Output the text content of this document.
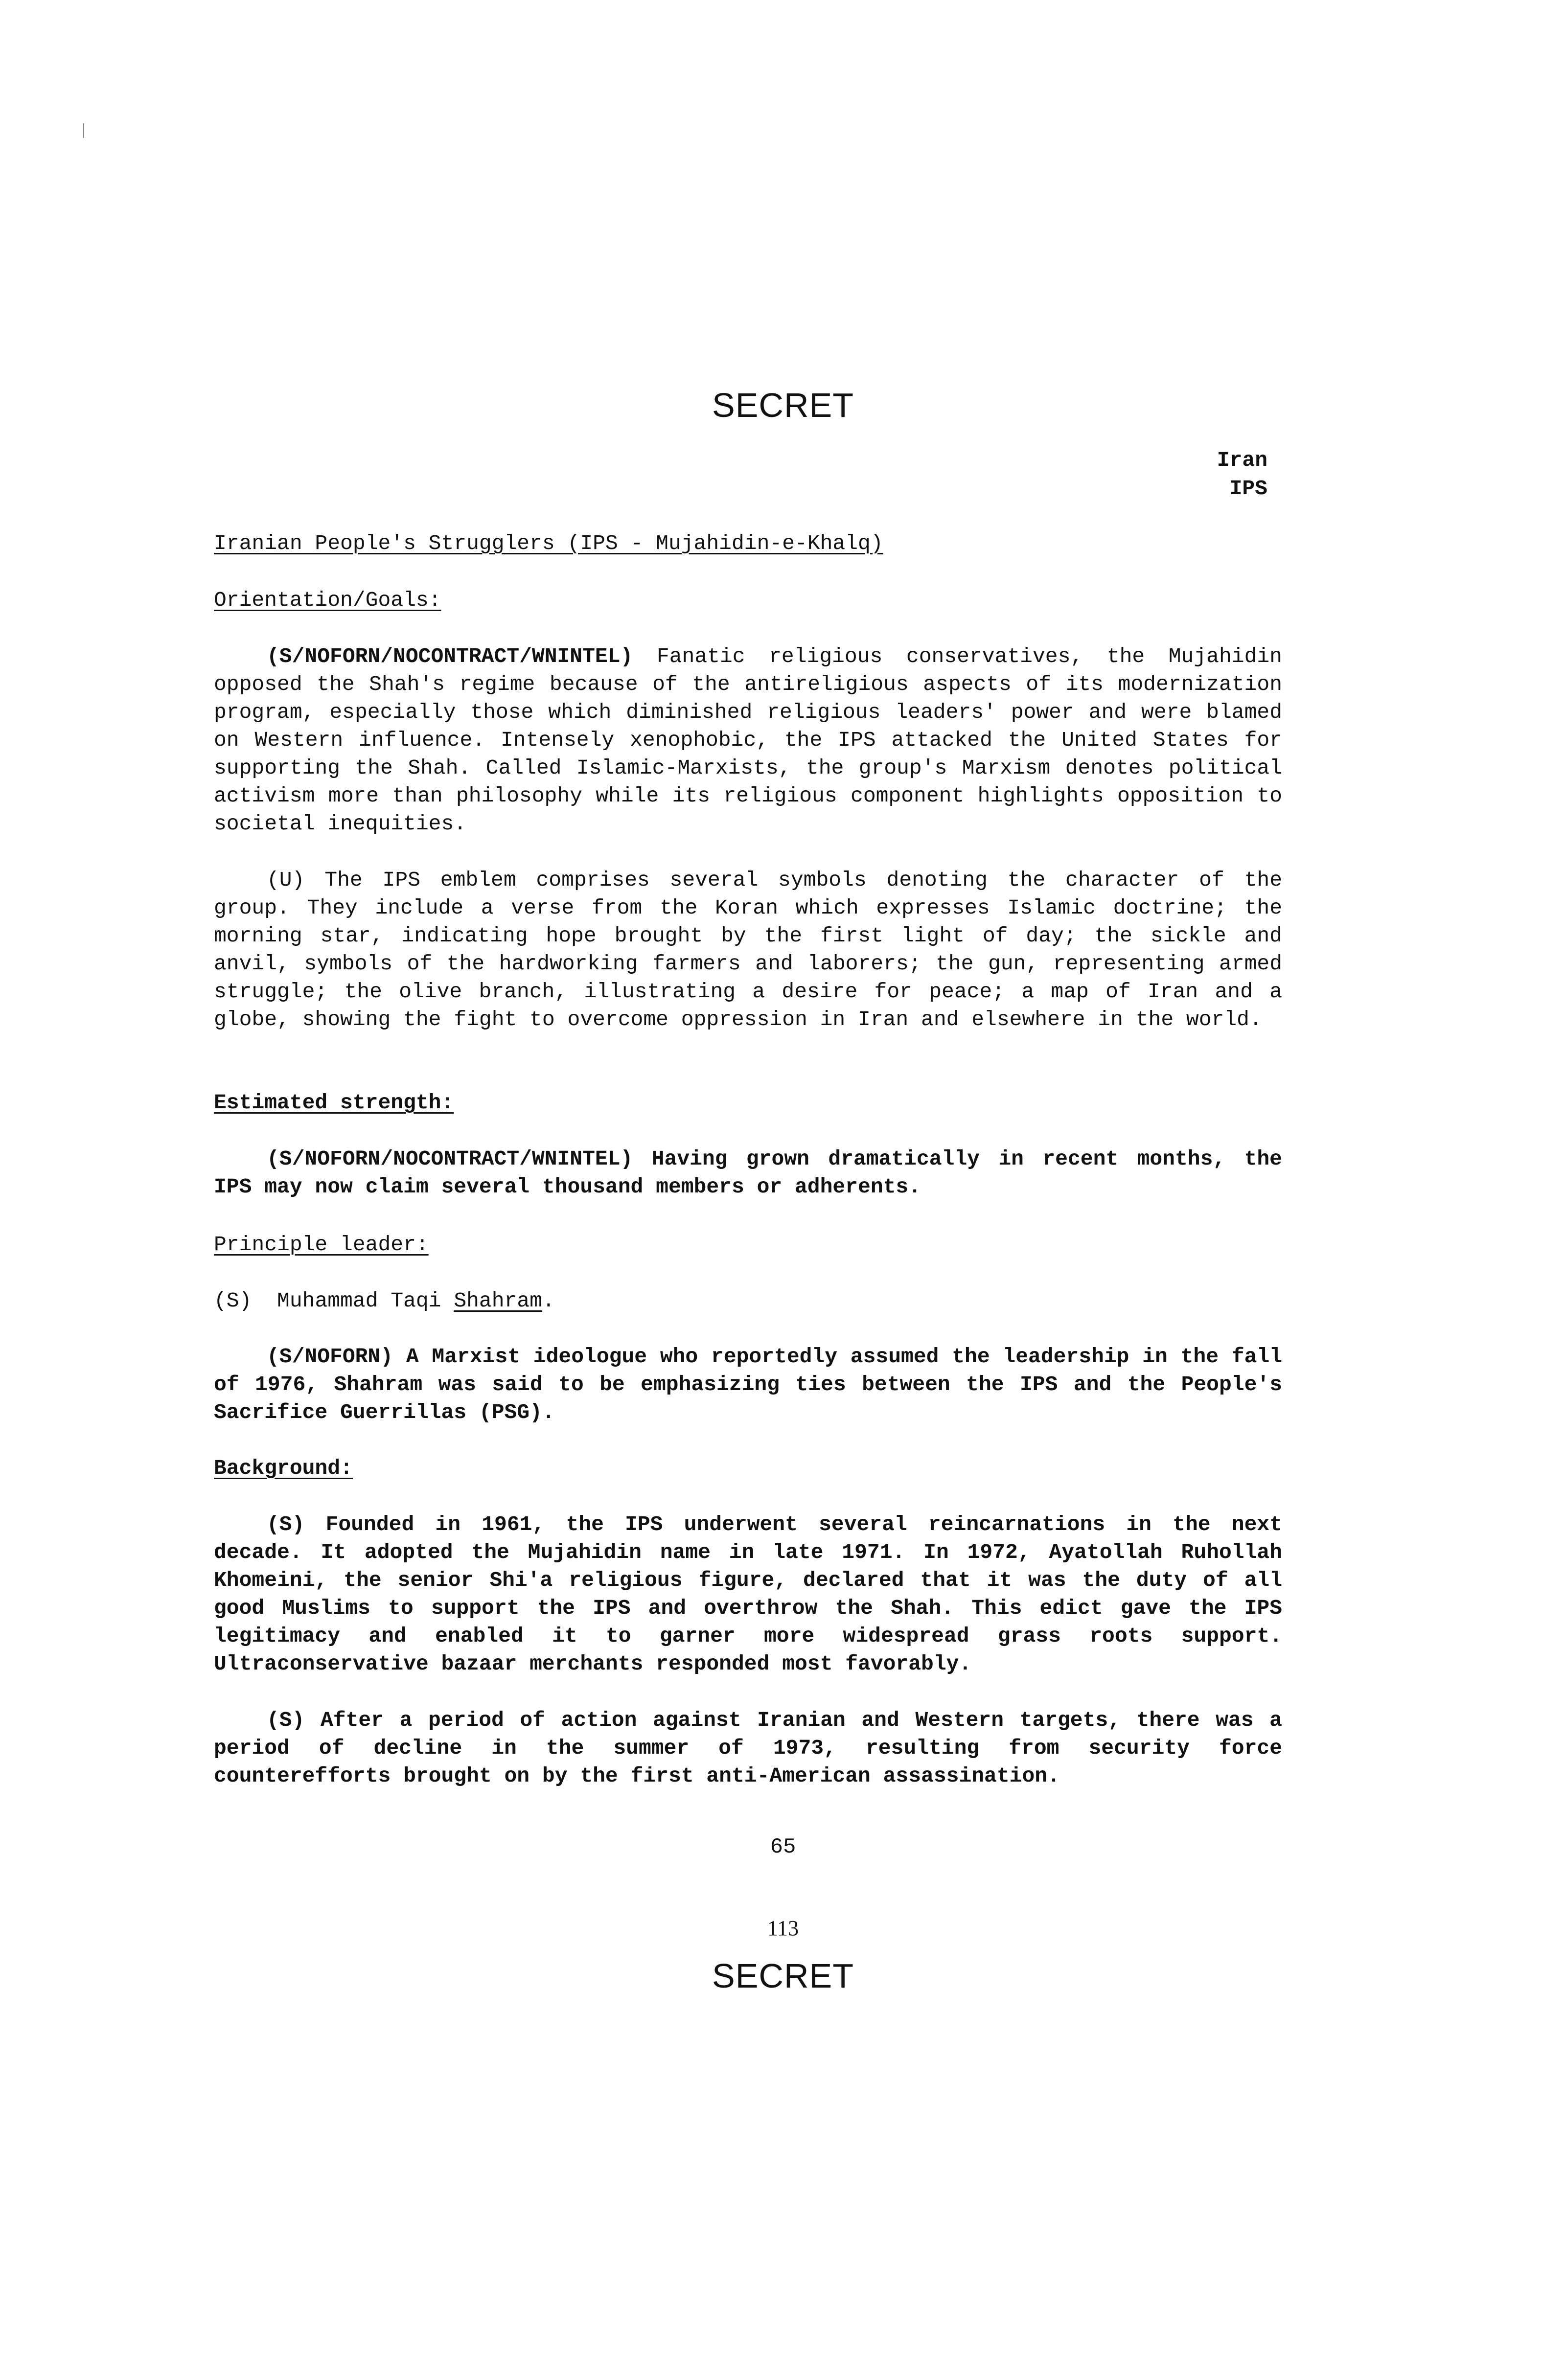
SECRET
Iran
IPS
Iranian People's Strugglers (IPS - Mujahidin-e-Khalq)
Orientation/Goals:

(S/NOFORN/NOCONTRACT/WNINTEL) Fanatic religious conservatives, the Mujahidin opposed the Shah's regime because of the antireligious aspects of its modernization program, especially those which diminished religious leaders' power and were blamed on Western influence. Intensely xenophobic, the IPS attacked the United States for supporting the Shah. Called Islamic-Marxists, the group's Marxism denotes political activism more than philosophy while its religious component highlights opposition to societal inequities.

(U) The IPS emblem comprises several symbols denoting the character of the group. They include a verse from the Koran which expresses Islamic doctrine; the morning star, indicating hope brought by the first light of day; the sickle and anvil, symbols of the hardworking farmers and laborers; the gun, representing armed struggle; the olive branch, illustrating a desire for peace; a map of Iran and a globe, showing the fight to overcome oppression in Iran and elsewhere in the world.

Estimated strength:

(S/NOFORN/NOCONTRACT/WNINTEL) Having grown dramatically in recent months, the IPS may now claim several thousand members or adherents.

Principle leader:

(S) Muhammad Taqi Shahram.

(S/NOFORN) A Marxist ideologue who reportedly assumed the leadership in the fall of 1976, Shahram was said to be emphasizing ties between the IPS and the People's Sacrifice Guerrillas (PSG).

Background:

(S) Founded in 1961, the IPS underwent several reincarnations in the next decade. It adopted the Mujahidin name in late 1971. In 1972, Ayatollah Ruhollah Khomeini, the senior Shi'a religious figure, declared that it was the duty of all good Muslims to support the IPS and overthrow the Shah. This edict gave the IPS legitimacy and enabled it to garner more widespread grass roots support. Ultraconservative bazaar merchants responded most favorably.

(S) After a period of action against Iranian and Western targets, there was a period of decline in the summer of 1973, resulting from security force counterefforts brought on by the first anti-American assassination.

65
113
SECRET
